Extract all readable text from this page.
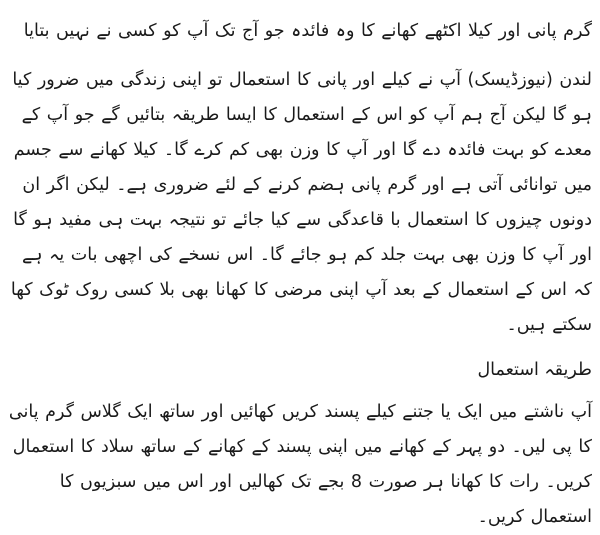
گرم پانی اور کیلا اکٹھے کھانے کا وہ فائدہ جو آج تک آپ کو کسی نے نہیں بتایا

لندن (نیوزڈیسک) آپ نے کیلے اور پانی کا استعمال تو اپنی زندگی میں ضرور کیا ہو گا لیکن آج ہم آپ کو اس کے استعمال کا ایسا طریقہ بتائیں گے جو آپ کے معدے کو بہت فائدہ دے گا اور آپ کا وزن بھی کم کرے گا۔ کیلا کھانے سے جسم میں توانائی آتی ہے اور گرم پانی ہضم کرنے کے لئے ضروری ہے۔ لیکن اگر ان دونوں چیزوں کا استعمال با قاعدگی سے کیا جائے تو نتیجہ بہت ہی مفید ہو گا اور آپ کا وزن بھی بہت جلد کم ہو جائے گا۔ اس نسخے کی اچھی بات یہ ہے کہ اس کے استعمال کے بعد آپ اپنی مرضی کا کھانا بھی بلا کسی روک ٹوک کھا سکتے ہیں۔

طریقہ استعمال

آپ ناشتے میں ایک یا جتنے کیلے پسند کریں کھائیں اور ساتھ ایک گلاس گرم پانی کا پی لیں۔ دو پہر کے کھانے میں اپنی پسند کے کھانے کے ساتھ سلاد کا استعمال کریں۔ رات کا کھانا ہر صورت 8 بجے تک کھالیں اور اس میں سبزیوں کا استعمال کریں۔
